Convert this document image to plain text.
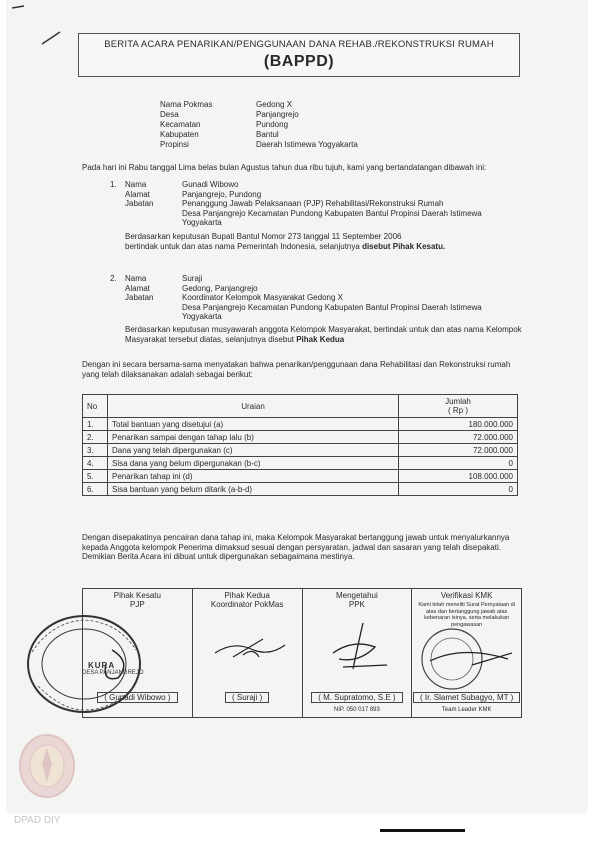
BERITA ACARA PENARIKAN/PENGGUNAAN DANA REHAB./REKONSTRUKSI RUMAH
(BAPPD)
Nama Pokmas	Gedong X
Desa	Panjangrejo
Kecamatan	Pundong
Kabupaten	Bantul
Propinsi	Daerah Istimewa Yogyakarta
Pada hari ini Rabu tanggal Lima belas bulan Agustus tahun dua ribu tujuh, kami yang bertandatangan dibawah ini:
1.	Nama	Gunadi Wibowo
Alamat	Panjangrejo, Pundong
Jabatan	Penanggung Jawab Pelaksanaan (PJP) Rehabilitasi/Rekonstruksi Rumah
Desa Panjangrejo Kecamatan Pundong Kabupaten Bantul Propinsi Daerah Istimewa Yogyakarta
Berdasarkan keputusan Bupati Bantul Nomor 273 tanggal 11 September 2006
bertindak untuk dan atas nama Pemerintah Indonesia, selanjutnya disebut Pihak Kesatu.
2.	Nama	Suraji
Alamat	Gedong, Panjangrejo
Jabatan	Koordinator Kelompok Masyarakat Gedong X
Desa Panjangrejo Kecamatan Pundong Kabupaten Bantul Propinsi Daerah Istimewa Yogyakarta
Berdasarkan keputusan musyawarah anggota Kelompok Masyarakat, bertindak untuk dan atas nama Kelompok Masyarakat tersebut diatas, selanjutnya disebut Pihak Kedua
Dengan ini secara bersama-sama menyatakan bahwa penarikan/penggunaan dana Rehabilitasi dan Rekonstruksi rumah yang telah dilaksanakan adalah sebagai berikut:
No	Uraian	Jumlah
( Rp )

1.	Total bantuan yang disetujui (a)	180.000.000
2.	Penarikan sampai dengan tahap lalu (b)	72.000.000
3.	Dana yang telah dipergunakan (c)	72.000.000
4.	Sisa dana yang belum dipergunakan (b-c)	0
5.	Penarikan tahap ini (d)	108.000.000
6.	Sisa bantuan yang belum ditarik (a-b-d)	0
Dengan disepakatinya pencairan dana tahap ini, maka Kelompok Masyarakat bertanggung jawab untuk menyalurkannya kepada Anggota kelompok Penerima dimaksud sesuai dengan persyaratan, jadwal dan sasaran yang telah disepakati.
Demikian Berita Acara ini dibuat untuk dipergunakan sebagaimana mestinya.
Pihak Kesatu
PJP
( Gunadi Wibowo )

Pihak Kedua
Koordinator PokMas
( Suraji )

Mengetahui
PPK
( M. Supratomo, S.E )
NIP. 050 017 893

Verifikasi KMK
Kami telah meneliti Surat Pernyataan di atas dan bertanggung jawab atas kebenaran isinya, serta melakukan pengawasan
( Ir. Slamet Subagyo, MT )
Team Leader KMK
KURA
DESA PANJANGREJO
DPAD DIY
